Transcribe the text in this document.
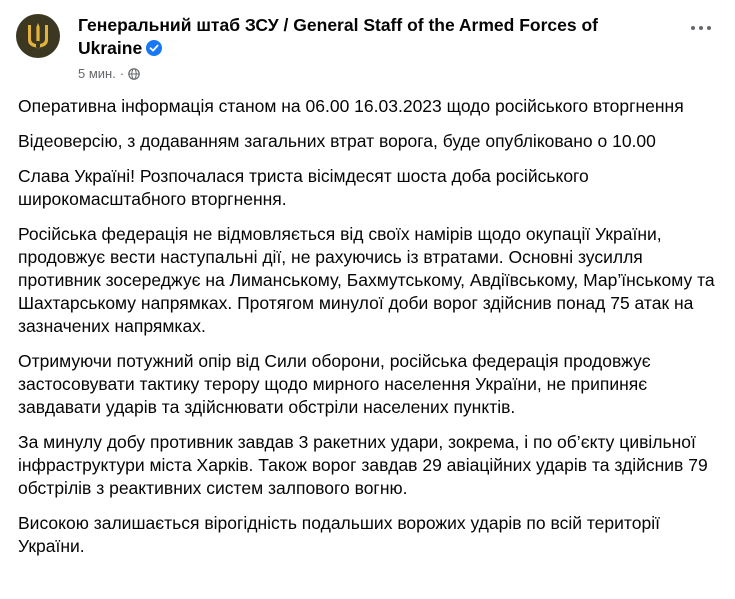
Генеральний штаб ЗСУ / General Staff of the Armed Forces of Ukraine
5 мин. ·

Оперативна інформація станом на 06.00 16.03.2023 щодо російського вторгнення

Відеоверсію, з додаванням загальних втрат ворога, буде опубліковано о 10.00

Слава Україні! Розпочалася триста вісімдесят шоста доба російського широкомасштабного вторгнення.

Російська федерація не відмовляється від своїх намірів щодо окупації України, продовжує вести наступальні дії, не рахуючись із втратами. Основні зусилля противник зосереджує на Лиманському, Бахмутському, Авдіївському, Мар’їнському та Шахтарському напрямках. Протягом минулої доби ворог здійснив понад 75 атак на зазначених напрямках.

Отримуючи потужний опір від Сили оборони, російська федерація продовжує застосовувати тактику терору щодо мирного населення України, не припиняє завдавати ударів та здійснювати обстріли населених пунктів.

За минулу добу противник завдав 3 ракетних удари, зокрема, і по об’єкту цивільної інфраструктури міста Харків. Також ворог завдав 29 авіаційних ударів та здійснив 79 обстрілів з реактивних систем залпового вогню.

Високою залишається вірогідність подальших ворожих ударів по всій території України.
